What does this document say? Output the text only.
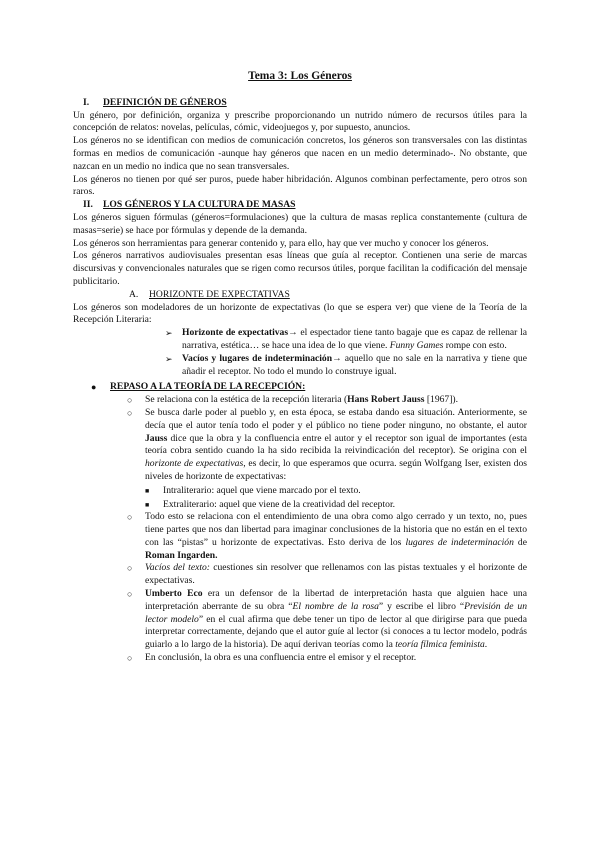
Tema 3: Los Géneros
I.	DEFINICIÓN DE GÉNEROS

Un género, por definición, organiza y prescribe proporcionando un nutrido número de recursos útiles para la concepción de relatos: novelas, películas, cómic, videojuegos y, por supuesto, anuncios.

Los géneros no se identifican con medios de comunicación concretos, los géneros son transversales con las distintas formas en medios de comunicación -aunque hay géneros que nacen en un medio determinado-. No obstante, que nazcan en un medio no indica que no sean transversales.

Los géneros no tienen por qué ser puros, puede haber hibridación. Algunos combinan perfectamente, pero otros son raros.

II.	LOS GÉNEROS Y LA CULTURA DE MASAS

Los géneros siguen fórmulas (géneros=formulaciones) que la cultura de masas replica constantemente (cultura de masas=serie) se hace por fórmulas y depende de la demanda.

Los géneros son herramientas para generar contenido y, para ello, hay que ver mucho y conocer los géneros.

Los géneros narrativos audiovisuales presentan esas líneas que guía al receptor. Contienen una serie de marcas discursivas y convencionales naturales que se rigen como recursos útiles, porque facilitan la codificación del mensaje publicitario.

A.	HORIZONTE DE EXPECTATIVAS

Los géneros son modeladores de un horizonte de expectativas (lo que se espera ver) que viene de la Teoría de la Recepción Literaria:

➢ Horizonte de expectativas→ el espectador tiene tanto bagaje que es capaz de rellenar la narrativa, estética… se hace una idea de lo que viene. Funny Games rompe con esto.
➢ Vacíos y lugares de indeterminación→ aquello que no sale en la narrativa y tiene que añadir el receptor. No todo el mundo lo construye igual.
●	REPASO A LA TEORÍA DE LA RECEPCIÓN:
○	Se relaciona con la estética de la recepción literaria (Hans Robert Jauss [1967]).
○	Se busca darle poder al pueblo y, en esta época, se estaba dando esa situación. Anteriormente, se decía que el autor tenía todo el poder y el público no tiene poder ninguno, no obstante, el autor Jauss dice que la obra y la confluencia entre el autor y el receptor son igual de importantes (esta teoría cobra sentido cuando la ha sido recibida la reivindicación del receptor). Se origina con el horizonte de expectativas, es decir, lo que esperamos que ocurra. según Wolfgang Iser, existen dos niveles de horizonte de expectativas:
■	Intraliterario: aquel que viene marcado por el texto.
■	Extraliterario: aquel que viene de la creatividad del receptor.
○	Todo esto se relaciona con el entendimiento de una obra como algo cerrado y un texto, no, pues tiene partes que nos dan libertad para imaginar conclusiones de la historia que no están en el texto con las “pistas” u horizonte de expectativas. Esto deriva de los lugares de indeterminación de Roman Ingarden.
○	Vacíos del texto: cuestiones sin resolver que rellenamos con las pistas textuales y el horizonte de expectativas.
○	Umberto Eco era un defensor de la libertad de interpretación hasta que alguien hace una interpretación aberrante de su obra “El nombre de la rosa” y escribe el libro “Previsión de un lector modelo” en el cual afirma que debe tener un tipo de lector al que dirigirse para que pueda interpretar correctamente, dejando que el autor guíe al lector (si conoces a tu lector modelo, podrás guiarlo a lo largo de la historia). De aquí derivan teorías como la teoría fílmica feminista.
○	En conclusión, la obra es una confluencia entre el emisor y el receptor.
